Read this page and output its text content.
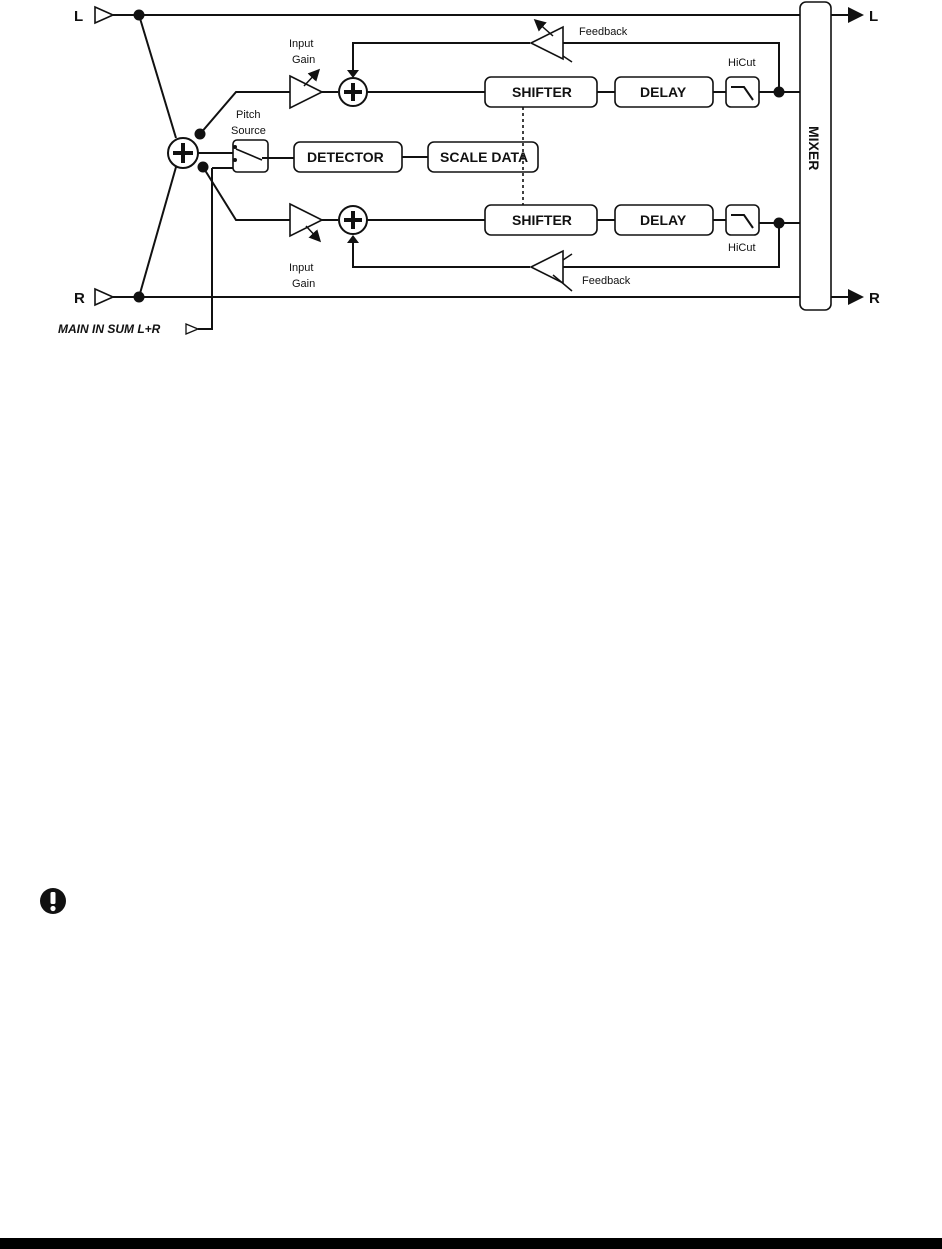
L
R
MAIN IN SUM L+R
Pitch
Source
DETECTOR	SCALE DATA
Input
Gain
Input
Gain
SHIFTER	DELAY
HiCut
SHIFTER	DELAY
HiCut
Feedback
Feedback
MIXER
L
R
